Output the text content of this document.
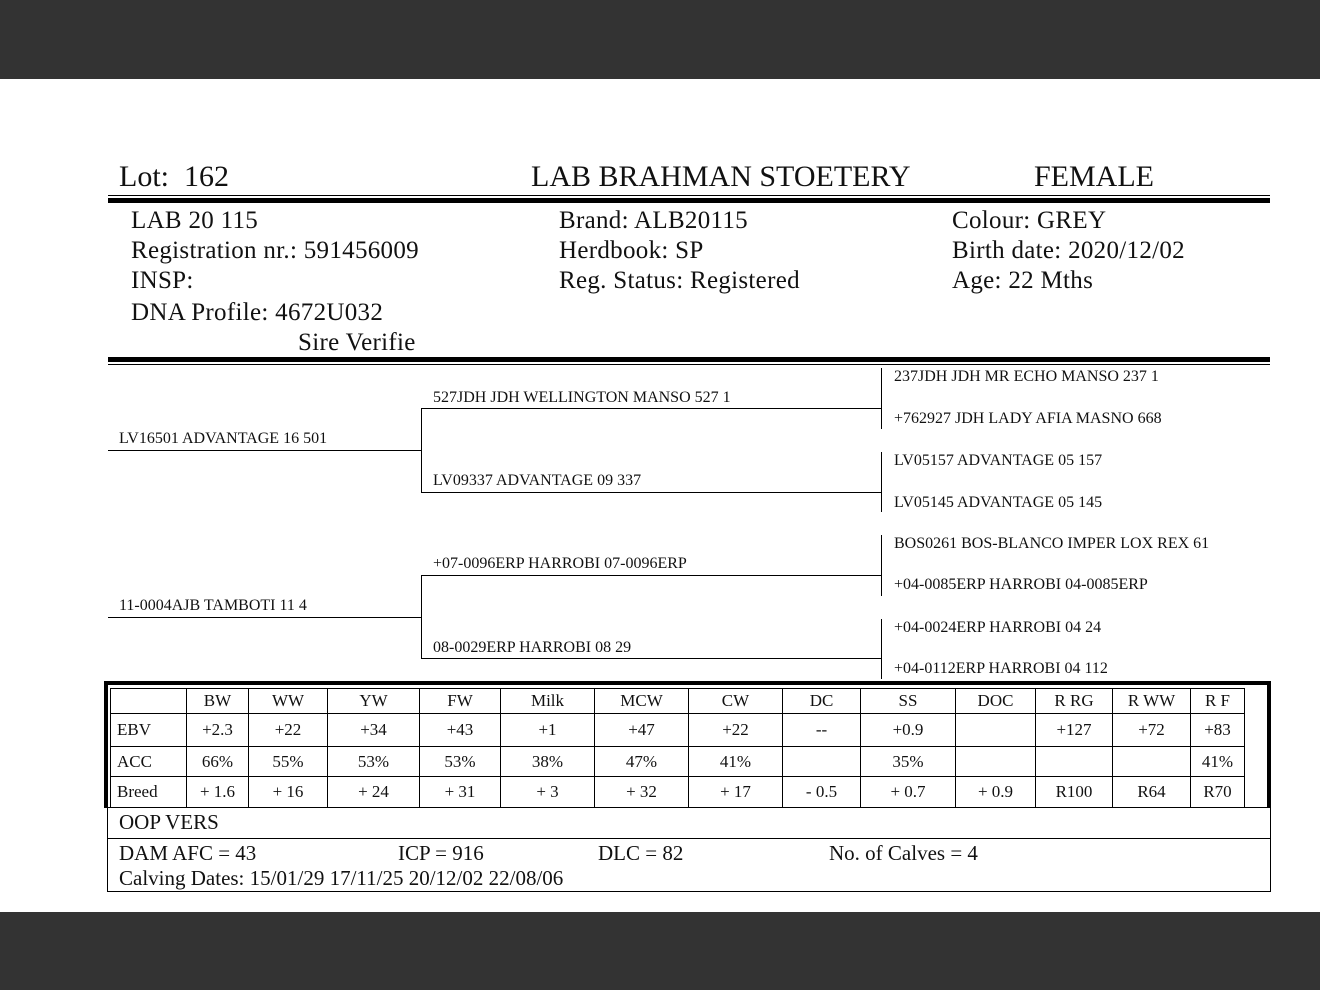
Lot: 162	LAB BRAHMAN STOETERY	FEMALE
LAB 20 115
Registration nr.: 591456009
INSP:
DNA Profile: 4672U032
Sire Verifie
Brand: ALB20115
Herdbook: SP
Reg. Status: Registered
Colour: GREY
Birth date: 2020/12/02
Age: 22 Mths
LV16501 ADVANTAGE 16 501
11-0004AJB TAMBOTI 11 4
527JDH JDH WELLINGTON MANSO 527 1
LV09337 ADVANTAGE 09 337
+07-0096ERP HARROBI 07-0096ERP
08-0029ERP HARROBI 08 29
237JDH JDH MR ECHO MANSO 237 1
+762927 JDH LADY AFIA MASNO 668
LV05157 ADVANTAGE 05 157
LV05145 ADVANTAGE 05 145
BOS0261 BOS-BLANCO IMPER LOX REX 61
+04-0085ERP HARROBI 04-0085ERP
+04-0024ERP HARROBI 04 24
+04-0112ERP HARROBI 04 112
	BW	WW	YW	FW	Milk	MCW	CW	DC	SS	DOC	R RG	R WW	R F
EBV	+2.3	+22	+34	+43	+1	+47	+22	--	+0.9		+127	+72	+83
ACC	66%	55%	53%	53%	38%	47%	41%		35%				41%
Breed	+ 1.6	+ 16	+ 24	+ 31	+ 3	+ 32	+ 17	- 0.5	+ 0.7	+ 0.9	R100	R64	R70
OOP VERS
DAM AFC = 43	ICP = 916	DLC = 82	No. of Calves = 4
Calving Dates: 15/01/29 17/11/25 20/12/02 22/08/06
